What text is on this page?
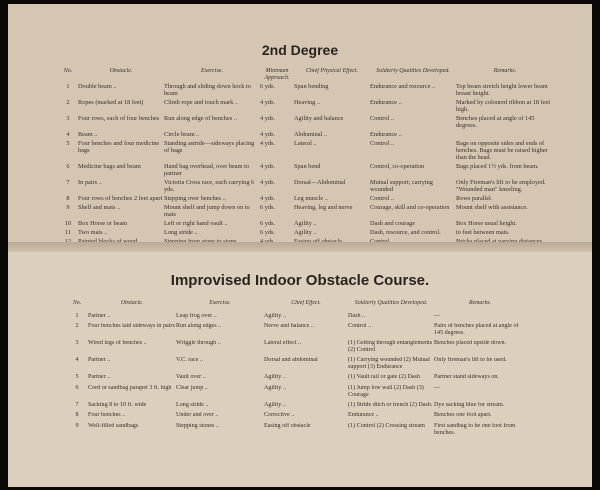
2nd Degree
No.	Obstacle.	Exercise.	Minimum Approach.	Chief Physical Effect.	Soldierly Qualities Developed.	Remarks.
1	Double beam ..	Through and sliding down hock to beam	6 yds.	Span bending	Endurance and resource ..	Top beam stretch height lower beam breast height.
2	Ropes (marked at 18 feet)	Climb rope and touch mark ..	4 yds.	Heaving ..	Endurance ..	Marked by coloured ribbon at 18 feet high.
3	Four rows, each of four benches	Run along edge of benches ..	4 yds.	Agility and balance	Control ..	Benches placed at angle of 145 degrees.
4	Beam ..	Circle beam ..	4 yds.	Abdominal ..	Endurance ..	
5	Four benches and four medicine bags	Standing astride—sideways placing of bags	4 yds.	Lateral ..	Control ..	Bags on opposite sides and ends of benches. Bags must be raised higher than the head.
6	Medicine bags and beam	Hand bag overhead, over beam to partner	4 yds.	Span bend	Control, co-operation	Bags placed 1½ yds. from beam.
7	In pairs ..	Victoria Cross race, each carrying 6 yds.	4 yds.	Dorsal—Abdominal	Mutual support; carrying wounded	Only Fireman's lift to be employed. "Wounded man" kneeling.
8	Four rows of benches 2 feet apart	Stepping over benches ..	4 yds.	Leg muscle ..	Control ..	Rows parallel.
9	Shelf and mats ..	Mount shelf and jump down on to mats	6 yds.	Heaving, leg and nerve	Courage, skill and co-operation	Mount shelf with assistance.
10	Box Horse or beam	Left or right hand vault ..	6 yds.	Agility ..	Dash and courage	Box Horse usual height.
11	Two mats ..	Long stride ..	6 yds.	Agility ..	Dash, resource, and control.	to feet between mats.

Improvised Indoor Obstacle Course.
No.	Obstacle.	Exercise.	Chief Effect.	Soldierly Qualities Developed.	Remarks.
1	Partner ..	Leap frog over ..	Agility ..	Dash ..	—
2	Four benches laid sideways in pairs	Run along edges ..	Nerve and balance ..	Control ..	Pairs of benches placed at angle of 145 degrees.
3	Wired legs of benches ..	Wriggle through ..	Lateral effect ..	(1) Getting through entanglements (2) Control	Benches placed upside down.
4	Partner ..	V.C. race ..	Dorsal and abdominal	(1) Carrying wounded (2) Mutual support (3) Endurance	Only fireman's lift to be used.
5	Partner ..	Vault over ..	Agility ..	(1) Vault rail or gate (2) Dash	Partner stand sideways on.
6	Cord or sandbag parapet 3 ft. high	Clear jump ..	Agility ..	(1) Jump low wall (2) Dash (3) Courage	—
7	Sacking 8 to 10 ft. wide	Long stride ..	Agility ..	(1) Stride ditch or trench (2) Dash.	Dye sacking blue for stream.
8	Four benches ..	Under and over ..	Corrective ..	Endurance ..	Benches one foot apart.
9	Well-filled sandbags	Stepping stones ..	Easing off obstacle	(1) Control (2) Crossing stream	First sandbag to be one foot from benches.
